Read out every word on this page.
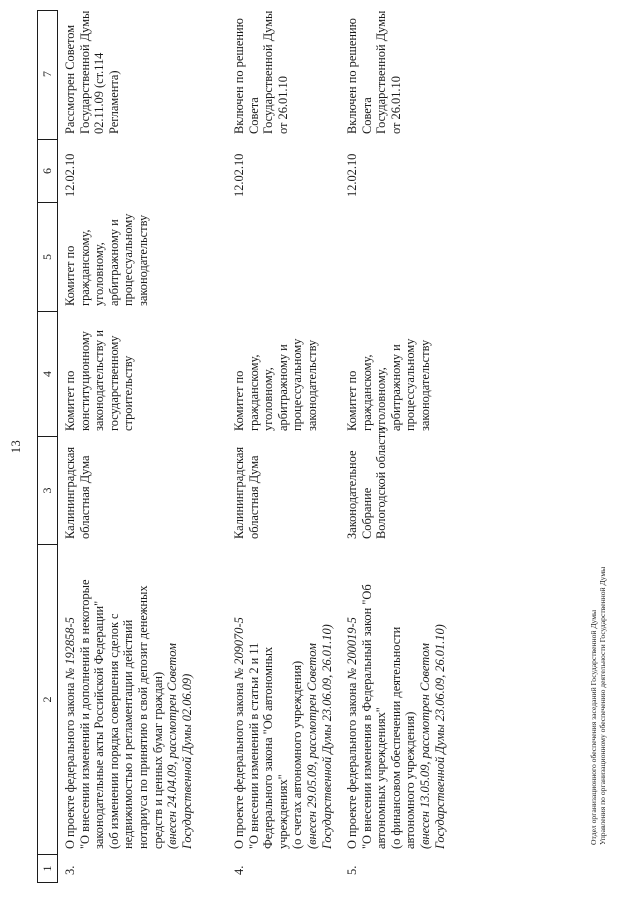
13
1
2
3
4
5
6
7
3.
О проекте федерального закона № 192858-5 "О внесении изменений и дополнений в некоторые законодательные акты Российской Федерации" (об изменении порядка совершения сделок с недвижимостью и регламентации действий нотариуса по принятию в свой депозит денежных средств и ценных бумаг граждан) (внесен 24.04.09, рассмотрен Советом Государственной Думы 02.06.09)
Калининградская областная Дума
Комитет по конституционному законодательству и государственному строительству
Комитет по гражданскому, уголовному, арбитражному и процессуальному законодательству
12.02.10
Рассмотрен Советом Государственной Думы 02.11.09 (ст.114 Регламента)
4.
О проекте федерального закона № 209070-5 "О внесении изменений в статьи 2 и 11 Федерального закона "Об автономных учреждениях" (о счетах автономного учреждения) (внесен 29.05.09, рассмотрен Советом Государственной Думы 23.06.09, 26.01.10)
Калининградская областная Дума
Комитет по гражданскому, уголовному, арбитражному и процессуальному законодательству
12.02.10
Включен по решению Совета Государственной Думы от 26.01.10
5.
О проекте федерального закона № 200019-5 "О внесении изменения в Федеральный закон "Об автономных учреждениях" (о финансовом обеспечении деятельности автономного учреждения) (внесен 13.05.09, рассмотрен Советом Государственной Думы 23.06.09, 26.01.10)
Законодательное Собрание Вологодской области
Комитет по гражданскому, уголовному, арбитражному и процессуальному законодательству
12.02.10
Включен по решению Совета Государственной Думы от 26.01.10
Отдел организационного обеспечения заседаний Государственной Думы Управления по организационному обеспечению деятельности Государственной Думы
